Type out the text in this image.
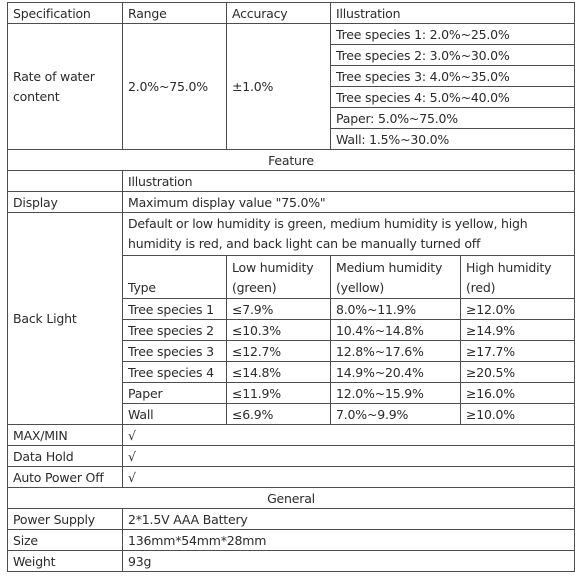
Specification	Range	Accuracy	Illustration	
Rate of water content	2.0%~75.0%	±1.0%	Tree species 1: 2.0%~25.0%	
			Tree species 2: 3.0%~30.0%	
			Tree species 3: 4.0%~35.0%	
			Tree species 4: 5.0%~40.0%	
			Paper: 5.0%~75.0%	
			Wall: 1.5%~30.0%	
Feature				
	Illustration			
Display	Maximum display value "75.0%"			
Back Light	Default or low humidity is green, medium humidity is yellow, high humidity is red, and back light can be manually turned off			
	Type	Low humidity (green)	Medium humidity (yellow)	High humidity (red)
	Tree species 1	≤7.9%	8.0%~11.9%	≥12.0%
	Tree species 2	≤10.3%	10.4%~14.8%	≥14.9%
	Tree species 3	≤12.7%	12.8%~17.6%	≥17.7%
	Tree species 4	≤14.8%	14.9%~20.4%	≥20.5%
	Paper	≤11.9%	12.0%~15.9%	≥16.0%
	Wall	≤6.9%	7.0%~9.9%	≥10.0%
MAX/MIN	√			
Data Hold	√			
Auto Power Off	√			
General				
Power Supply	2*1.5V AAA Battery			
Size	136mm*54mm*28mm			
Weight	93g			
